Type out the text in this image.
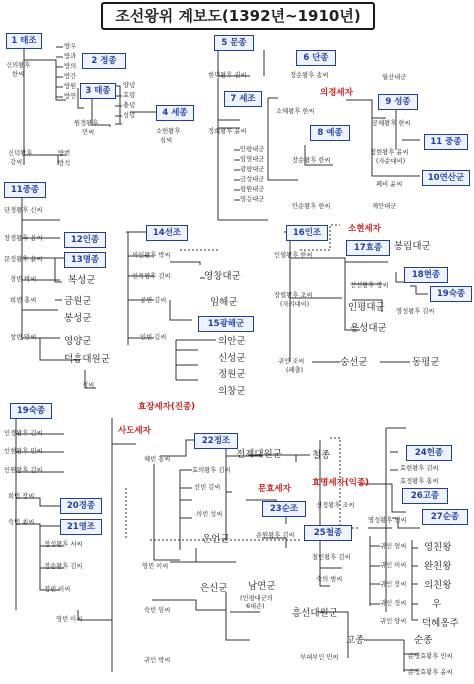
조선왕위 계보도(1392년~1910년)
1 태조
2 정종
3 태종
4 세종
5 문종
6 단종
7 세조
8 예종
9 성종
10연산군
11 중종
11중종
12인종
13명종
14선조
15광해군
16인조
17효종
18현종
19숙종
19숙종
20경종
21영조
22정조
23순조
24헌종
25철종
26고종
27순종
신의왕후
한씨
방우
방과
방의
방간
방원
방연
양녕
효령
충녕
성녕
원경왕후
민씨	소헌왕후
심씨
신덕왕후
강씨
방번
방석
현덕왕후 권씨	정순왕후 송씨
정희왕후 윤씨
안평대군
임영대군
광평대군
금성대군
평원대군
영응대군
소혜왕후 한씨
장순왕후 한씨
안순왕후 한씨	제안대군
월산대군
공혜왕후 한씨
정현왕후 윤씨
(자순대비)
폐비 윤씨
단경왕후 신씨
장경왕후 윤씨
문정왕후 윤씨
경빈 박씨
희빈 홍씨
창빈 안씨
복성군
금원군
봉성군
영양군
덕흥대원군
정씨
의인왕후 박씨
인목왕후 김씨
공빈 김씨
인빈 김씨
영창대군
임해군
의안군
신성군
정원군
의창군
인열왕후 한씨
장렬왕후 조씨
(자의대비)
귀인 조씨
(폐출)
봉림대군
인선왕후 장씨
인평대군 명성왕후 김씨
용성대군
숭선군	동평군
인경왕후 김씨
인현왕후 민씨
인원왕후 김씨
희빈 장씨
숙빈 최씨
정성왕후 서씨
정순왕후 김씨
정빈 이씨
영빈 이씨
혜빈 홍씨
효의왕후 김씨
선빈 김씨
의빈 성씨
은언군
영빈 이씨
은신군 남연군
(인평대군의
6대손)
숙빈 임씨
귀인 박씨
전계대원군	철종
순원왕후 김씨
신정왕후 조씨
철인왕후 김씨
숙의 범씨
흥선대원군
고종
부대부인 민씨
효현왕후 김씨
효정왕후 홍씨
명성황후 민씨
귀인 엄씨
귀인 이씨
귀인 장씨
귀인 정씨
귀인 양씨
영친왕
완친왕
의친왕
우
덕혜옹주
순종
순명효황후 민씨
순정효황후 윤씨
의경세자
소현세자
효장세자(진종)
사도세자
문효세자
효명세자(익종)
